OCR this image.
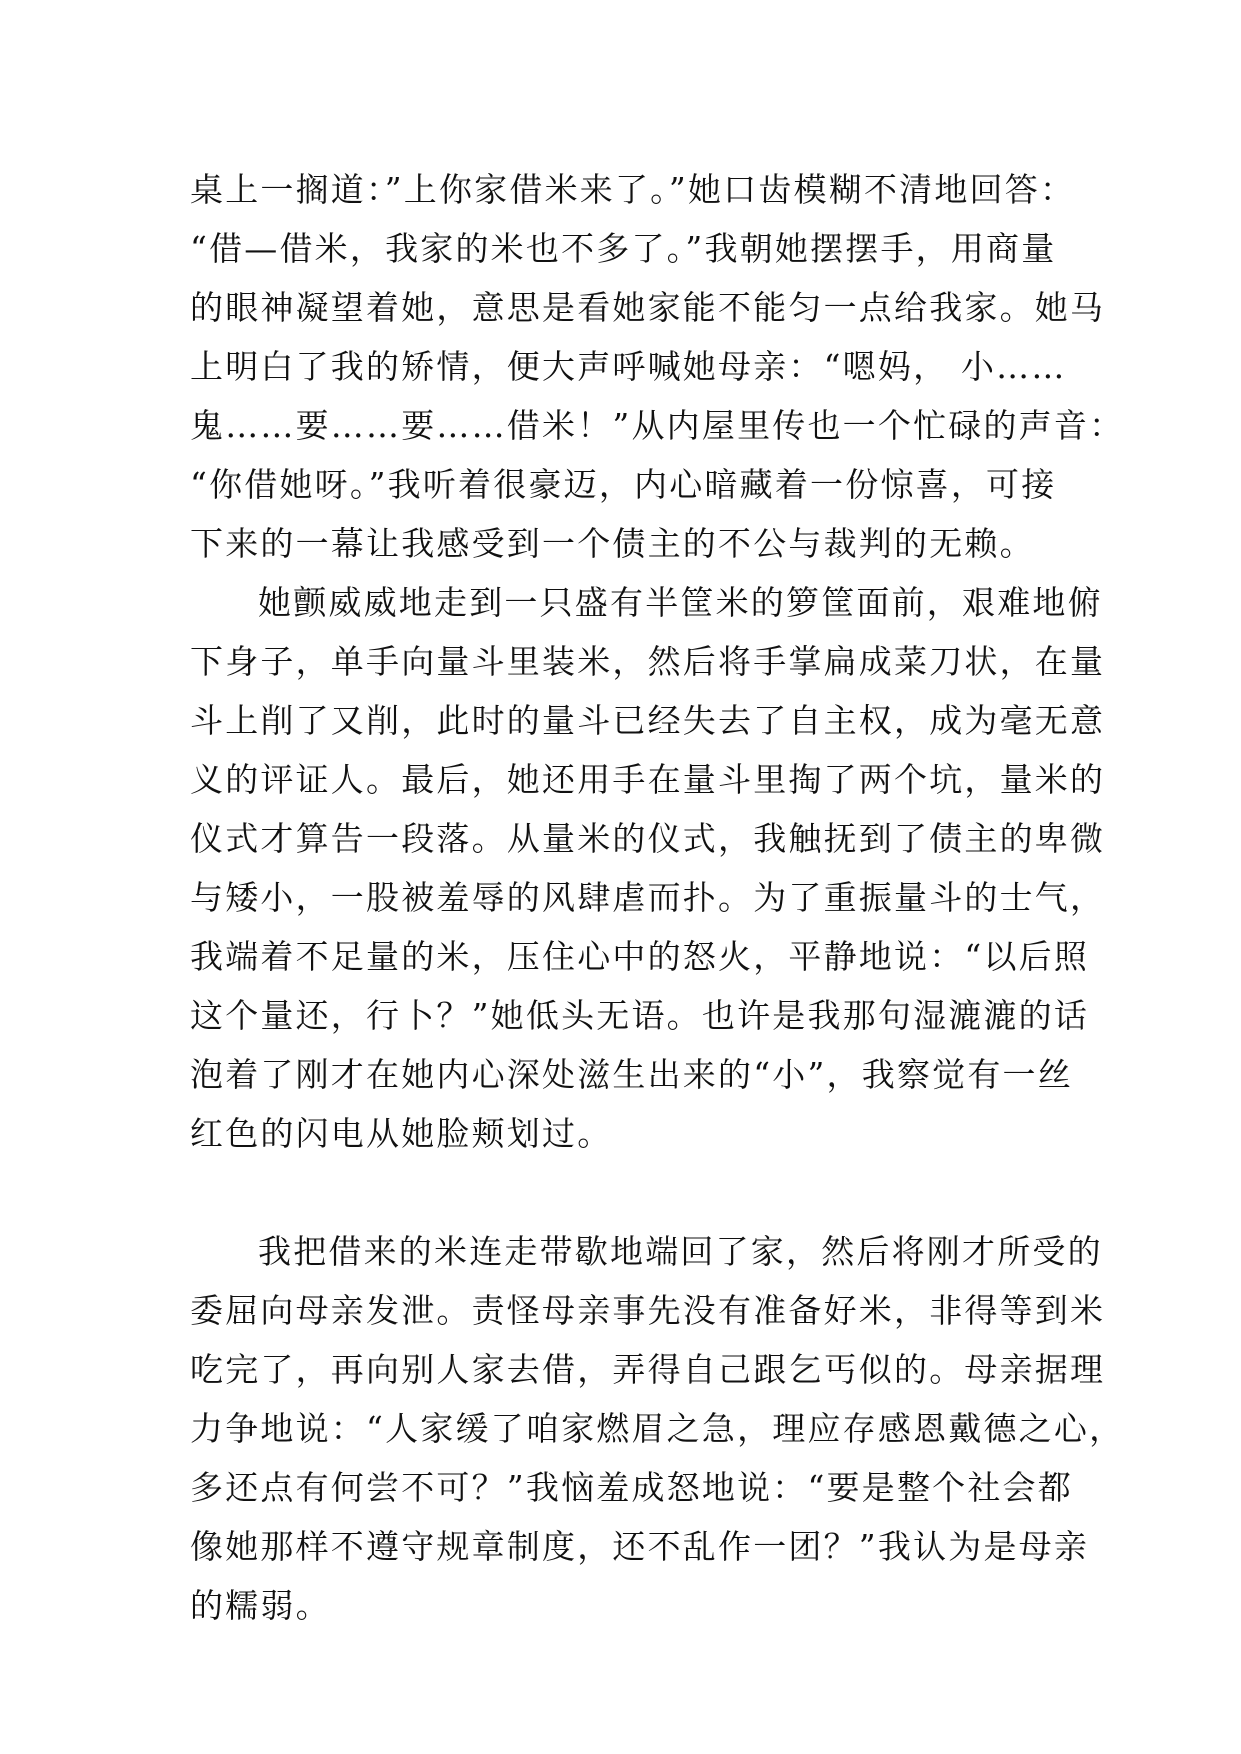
桌上一搁道：”上你家借米来了。”她口齿模糊不清地回答：
“借—借米，我家的米也不多了。”我朝她摆摆手，用商量
的眼神凝望着她，意思是看她家能不能匀一点给我家。她马
上明白了我的矫情，便大声呼喊她母亲：“嗯妈， 小……
鬼……要……要……借米！”从内屋里传也一个忙碌的声音：
“你借她呀。”我听着很豪迈，内心暗藏着一份惊喜，可接
下来的一幕让我感受到一个债主的不公与裁判的无赖。
她颤威威地走到一只盛有半筐米的箩筐面前，艰难地俯
下身子，单手向量斗里装米，然后将手掌扁成菜刀状，在量
斗上削了又削，此时的量斗已经失去了自主权，成为毫无意
义的评证人。最后，她还用手在量斗里掏了两个坑，量米的
仪式才算告一段落。从量米的仪式，我触抚到了债主的卑微
与矮小，一股被羞辱的风肆虐而扑。为了重振量斗的士气，
我端着不足量的米，压住心中的怒火，平静地说：“以后照
这个量还，行卜？”她低头无语。也许是我那句湿漉漉的话
泡着了刚才在她内心深处滋生出来的“小”，我察觉有一丝
红色的闪电从她脸颊划过。
我把借来的米连走带歇地端回了家，然后将刚才所受的
委屈向母亲发泄。责怪母亲事先没有准备好米，非得等到米
吃完了，再向别人家去借，弄得自己跟乞丐似的。母亲据理
力争地说：“人家缓了咱家燃眉之急，理应存感恩戴德之心，
多还点有何尝不可？”我恼羞成怒地说：“要是整个社会都
像她那样不遵守规章制度，还不乱作一团？”我认为是母亲
的糯弱。
